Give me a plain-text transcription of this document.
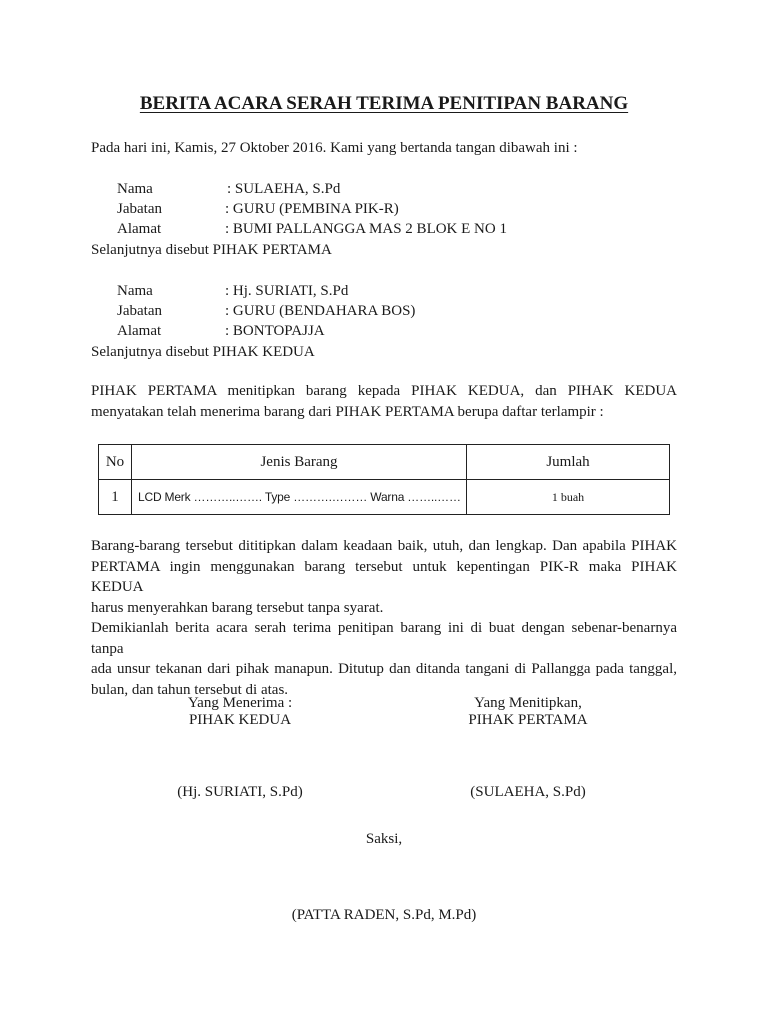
BERITA ACARA SERAH TERIMA PENITIPAN BARANG
Pada hari ini, Kamis, 27 Oktober 2016. Kami yang bertanda tangan dibawah ini :
Nama	: SULAEHA, S.Pd
Jabatan	: GURU (PEMBINA PIK-R)
Alamat	: BUMI PALLANGGA MAS 2 BLOK E NO 1
Selanjutnya disebut PIHAK PERTAMA
Nama	: Hj. SURIATI, S.Pd
Jabatan	: GURU (BENDAHARA BOS)
Alamat	: BONTOPAJJA
Selanjutnya disebut PIHAK KEDUA
PIHAK PERTAMA menitipkan barang kepada PIHAK KEDUA, dan PIHAK KEDUA
menyatakan telah menerima barang dari PIHAK PERTAMA berupa daftar terlampir :
No	Jenis Barang	Jumlah
1	LCD Merk ………..……. Type ……….……… Warna ……..……	1 buah
Barang-barang tersebut dititipkan dalam keadaan baik, utuh, dan lengkap. Dan apabila PIHAK
PERTAMA ingin menggunakan barang tersebut untuk kepentingan PIK-R maka PIHAK KEDUA
harus menyerahkan barang tersebut tanpa syarat.
Demikianlah berita acara serah terima penitipan barang ini di buat dengan sebenar-benarnya tanpa
ada unsur tekanan dari pihak manapun. Ditutup dan ditanda tangani di Pallangga pada tanggal,
bulan, dan tahun tersebut di atas.
Yang Menerima :
PIHAK KEDUA
(Hj. SURIATI, S.Pd)
Yang Menitipkan,
PIHAK PERTAMA
(SULAEHA, S.Pd)
Saksi,
(PATTA RADEN, S.Pd, M.Pd)
